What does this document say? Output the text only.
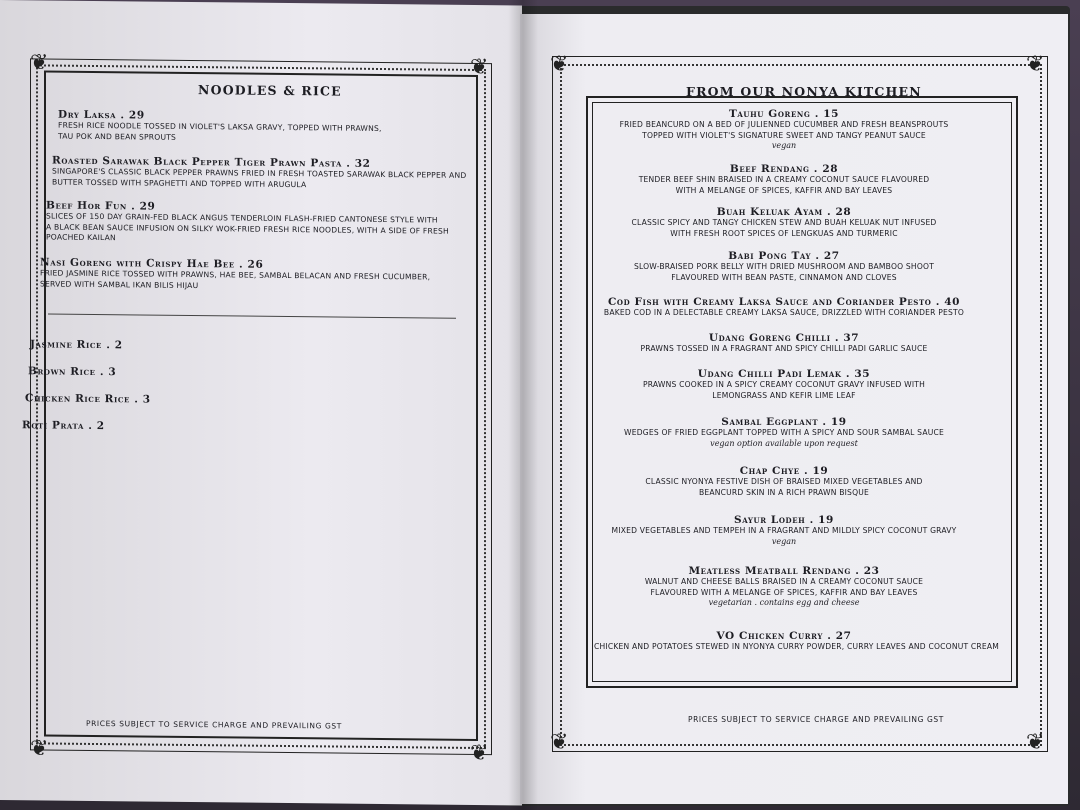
❦	❦
❦	❦
NOODLES & RICE
Dry Laksa . 29
FRESH RICE NOODLE TOSSED IN VIOLET'S LAKSA GRAVY, TOPPED WITH PRAWNS,
TAU POK AND BEAN SPROUTS
Roasted Sarawak Black Pepper Tiger Prawn Pasta . 32
SINGAPORE'S CLASSIC BLACK PEPPER PRAWNS FRIED IN FRESH TOASTED SARAWAK BLACK PEPPER AND
BUTTER TOSSED WITH SPAGHETTI AND TOPPED WITH ARUGULA
Beef Hor Fun . 29
SLICES OF 150 DAY GRAIN-FED BLACK ANGUS TENDERLOIN FLASH-FRIED CANTONESE STYLE WITH
A BLACK BEAN SAUCE INFUSION ON SILKY WOK-FRIED FRESH RICE NOODLES, WITH A SIDE OF FRESH
POACHED KAILAN
Nasi Goreng with Crispy Hae Bee . 26
FRIED JASMINE RICE TOSSED WITH PRAWNS, HAE BEE, SAMBAL BELACAN AND FRESH CUCUMBER,
SERVED WITH SAMBAL IKAN BILIS HIJAU
Jasmine Rice . 2
Brown Rice . 3
Chicken Rice Rice . 3
Roti Prata . 2
PRICES SUBJECT TO SERVICE CHARGE AND PREVAILING GST
❦	❦
❦	❦
FROM OUR NONYA KITCHEN
Tauhu Goreng . 15
FRIED BEANCURD ON A BED OF JULIENNED CUCUMBER AND FRESH BEANSPROUTS
TOPPED WITH VIOLET'S SIGNATURE SWEET AND TANGY PEANUT SAUCE
vegan
Beef Rendang . 28
TENDER BEEF SHIN BRAISED IN A CREAMY COCONUT SAUCE FLAVOURED
WITH A MELANGE OF SPICES, KAFFIR AND BAY LEAVES
Buah Keluak Ayam . 28
CLASSIC SPICY AND TANGY CHICKEN STEW AND BUAH KELUAK NUT INFUSED
WITH FRESH ROOT SPICES OF LENGKUAS AND TURMERIC
Babi Pong Tay . 27
SLOW-BRAISED PORK BELLY WITH DRIED MUSHROOM AND BAMBOO SHOOT
FLAVOURED WITH BEAN PASTE, CINNAMON AND CLOVES
Cod Fish with Creamy Laksa Sauce and Coriander Pesto . 40
BAKED COD IN A DELECTABLE CREAMY LAKSA SAUCE, DRIZZLED WITH CORIANDER PESTO
Udang Goreng Chilli . 37
PRAWNS TOSSED IN A FRAGRANT AND SPICY CHILLI PADI GARLIC SAUCE
Udang Chilli Padi Lemak . 35
PRAWNS COOKED IN A SPICY CREAMY COCONUT GRAVY INFUSED WITH
LEMONGRASS AND KEFIR LIME LEAF
Sambal Eggplant . 19
WEDGES OF FRIED EGGPLANT TOPPED WITH A SPICY AND SOUR SAMBAL SAUCE
vegan option available upon request
Chap Chye . 19
CLASSIC NYONYA FESTIVE DISH OF BRAISED MIXED VEGETABLES AND
BEANCURD SKIN IN A RICH PRAWN BISQUE
Sayur Lodeh . 19
MIXED VEGETABLES AND TEMPEH IN A FRAGRANT AND MILDLY SPICY COCONUT GRAVY
vegan
Meatless Meatball Rendang . 23
WALNUT AND CHEESE BALLS BRAISED IN A CREAMY COCONUT SAUCE
FLAVOURED WITH A MELANGE OF SPICES, KAFFIR AND BAY LEAVES
vegetarian . contains egg and cheese
VO Chicken Curry . 27
CHICKEN AND POTATOES STEWED IN NYONYA CURRY POWDER, CURRY LEAVES AND COCONUT CREAM
PRICES SUBJECT TO SERVICE CHARGE AND PREVAILING GST
